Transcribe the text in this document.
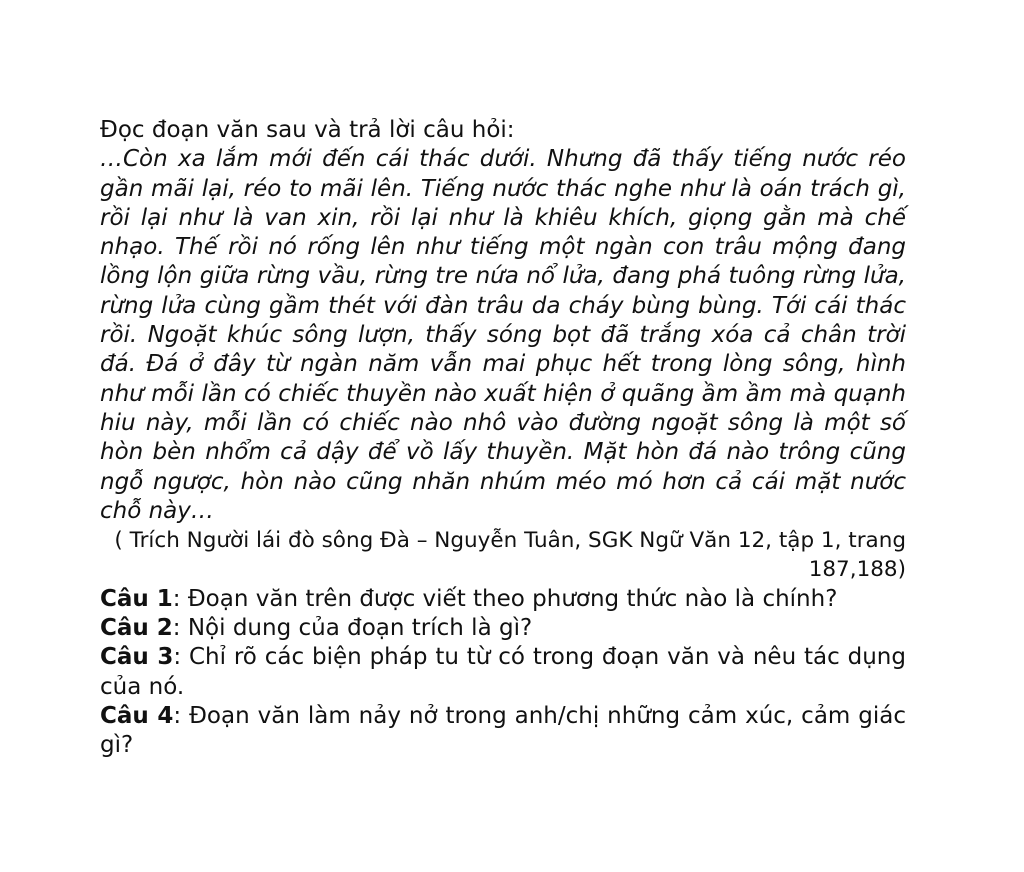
Đọc đoạn văn sau và trả lời câu hỏi:

…Còn xa lắm mới đến cái thác dưới. Nhưng đã thấy tiếng nước réo gần mãi lại, réo to mãi lên. Tiếng nước thác nghe như là oán trách gì, rồi lại như là van xin, rồi lại như là khiêu khích, giọng gằn mà chế nhạo. Thế rồi nó rống lên như tiếng một ngàn con trâu mộng đang lồng lộn giữa rừng vầu, rừng tre nứa nổ lửa, đang phá tuông rừng lửa, rừng lửa cùng gầm thét với đàn trâu da cháy bùng bùng. Tới cái thác rồi. Ngoặt khúc sông lượn, thấy sóng bọt đã trắng xóa cả chân trời đá. Đá ở đây từ ngàn năm vẫn mai phục hết trong lòng sông, hình như mỗi lần có chiếc thuyền nào xuất hiện ở quãng ầm ầm mà quạnh hiu này, mỗi lần có chiếc nào nhô vào đường ngoặt sông là một số hòn bèn nhổm cả dậy để vồ lấy thuyền. Mặt hòn đá nào trông cũng ngỗ ngược, hòn nào cũng nhăn nhúm méo mó hơn cả cái mặt nước chỗ này…

( Trích Người lái đò sông Đà – Nguyễn Tuân, SGK Ngữ Văn 12, tập 1, trang 187,188)

Câu 1: Đoạn văn trên được viết theo phương thức nào là chính?

Câu 2: Nội dung của đoạn trích là gì?

Câu 3: Chỉ rõ các biện pháp tu từ có trong đoạn văn và nêu tác dụng của nó.

Câu 4: Đoạn văn làm nảy nở trong anh/chị những cảm xúc, cảm giác gì?
